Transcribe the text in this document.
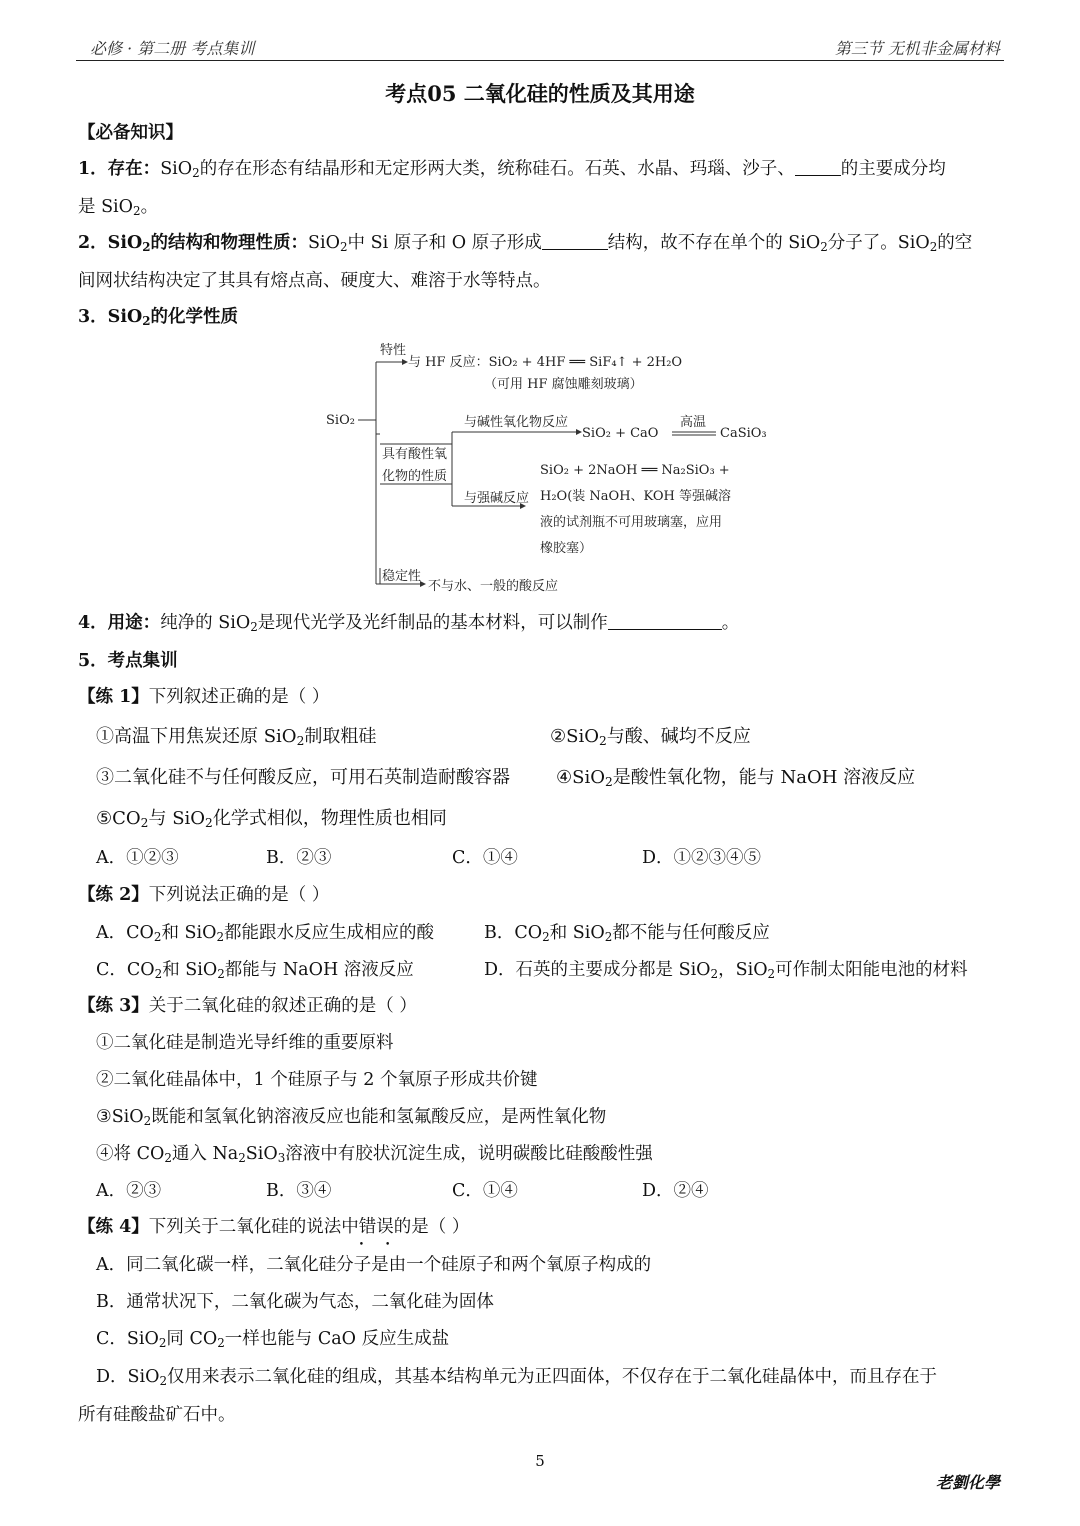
必修 · 第二册 考点集训	第三节 无机非金属材料
考点05 二氧化硅的性质及其用途
【必备知识】
1．存在：SiO$_2$的存在形态有结晶形和无定形两大类，统称硅石。石英、水晶、玛瑙、沙子、	的主要成分均
是 SiO$_2$。
2．SiO$_2$的结构和物理性质：SiO$_2$中 Si 原子和 O 原子形成	结构，故不存在单个的 SiO$_2$分子了。SiO$_2$的空
间网状结构决定了其具有熔点高、硬度大、难溶于水等特点。
3．SiO$_2$的化学性质
SiO₂
特性
与 HF 反应：SiO₂ + 4HF ══ SiF₄↑ + 2H₂O
（可用 HF 腐蚀雕刻玻璃）
具有酸性氧
化物的性质
与碱性氧化物反应
SiO₂ + CaO
高温
CaSiO₃
与强碱反应
SiO₂ + 2NaOH ══ Na₂SiO₃ +
H₂O(装 NaOH、KOH 等强碱溶
液的试剂瓶不可用玻璃塞，应用
橡胶塞）
稳定性
不与水、一般的酸反应
4．用途：纯净的 SiO$_2$是现代光学及光纤制品的基本材料，可以制作	。
5．考点集训
【练 1】下列叙述正确的是（ ）
①高温下用焦炭还原 SiO$_2$制取粗硅	②SiO$_2$与酸、碱均不反应
③二氧化硅不与任何酸反应，可用石英制造耐酸容器	④SiO$_2$是酸性氧化物，能与 NaOH 溶液反应
$⑤CO_2$与 SiO$_2$化学式相似，物理性质也相同
A．①②③	B．②③	C．①④	D．①②③④⑤
【练 2】下列说法正确的是（ ）
A．$CO_2$和 SiO$_2$都能跟水反应生成相应的酸	B．$CO_2$和 SiO$_2$都不能与任何酸反应
C．$CO_2$和 SiO$_2$都能与 NaOH 溶液反应	D．石英的主要成分都是 SiO$_2$，SiO$_2$可作制太阳能电池的材料
【练 3】关于二氧化硅的叙述正确的是（ ）
①二氧化硅是制造光导纤维的重要原料
②二氧化硅晶体中，1 个硅原子与 2 个氧原子形成共价键
③SiO$_2$既能和氢氧化钠溶液反应也能和氢氟酸反应，是两性氧化物
④将 $CO_2$通入 $Na_2SiO_3$溶液中有胶状沉淀生成，说明碳酸比硅酸酸性强
A．②③	B．③④	C．①④	D．②④
【练 4】下列关于二氧化硅的说法中错误
• •
的是（ ）
A．同二氧化碳一样，二氧化硅分子是由一个硅原子和两个氧原子构成的
B．通常状况下，二氧化碳为气态，二氧化硅为固体
C．SiO$_2$同 $CO_2$一样也能与 CaO 反应生成盐
D．SiO$_2$仅用来表示二氧化硅的组成，其基本结构单元为正四面体，不仅存在于二氧化硅晶体中，而且存在于
所有硅酸盐矿石中。
5
老劉化學
